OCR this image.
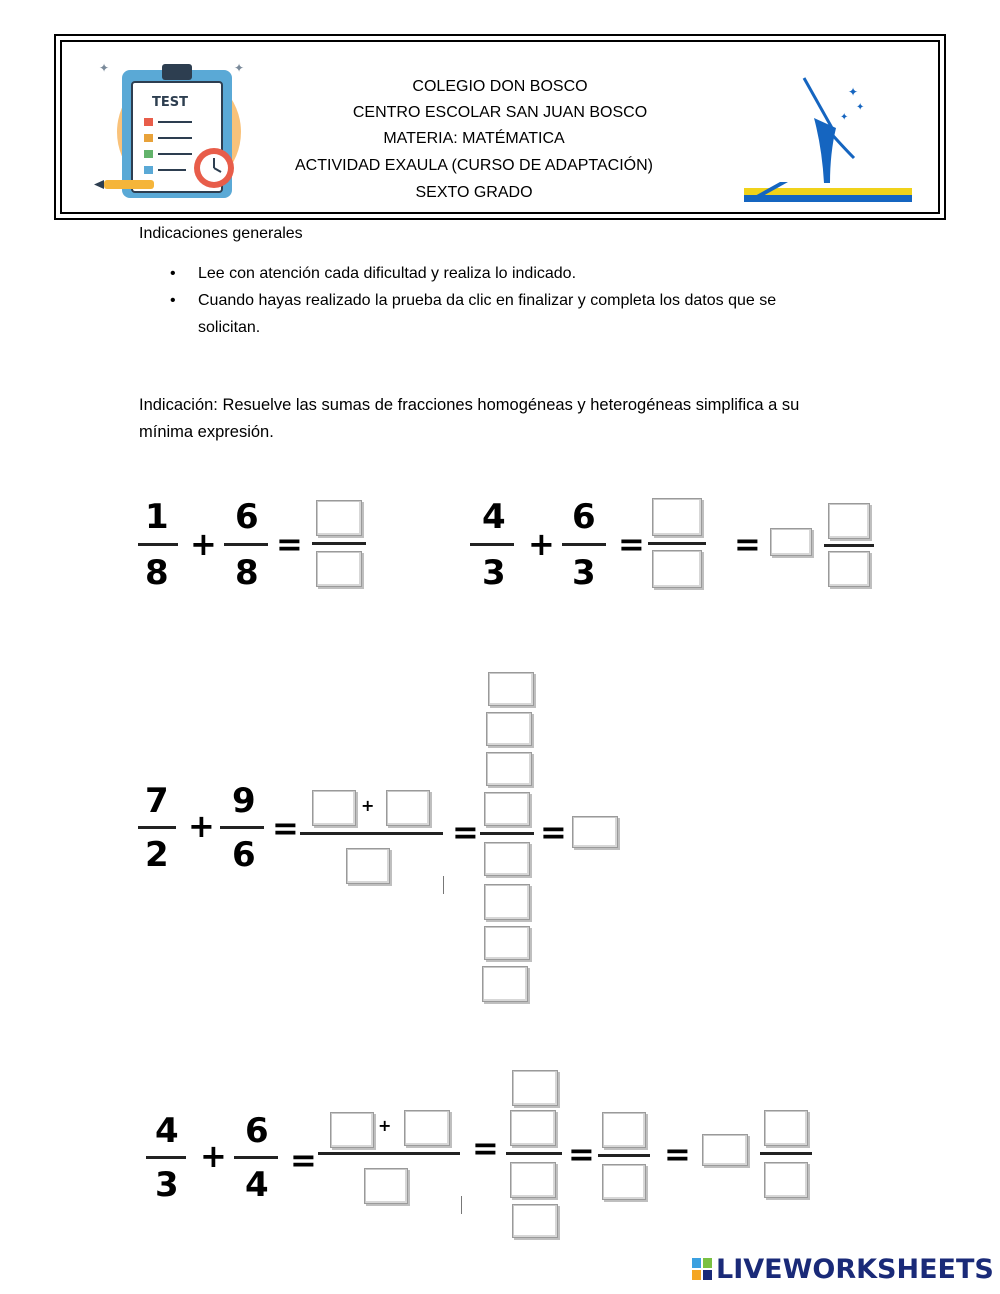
TEST
✦	✦
COLEGIO DON BOSCO
CENTRO ESCOLAR SAN JUAN BOSCO
MATERIA: MATÉMATICA
ACTIVIDAD EXAULA (CURSO DE ADAPTACIÓN)
SEXTO GRADO
✦
✦
✦
Indicaciones generales
• Lee con atención cada dificultad y realiza lo indicado.
• Cuando hayas realizado la prueba da clic en finalizar y completa los datos que se
solicitan.
Indicación: Resuelve las sumas de fracciones homogéneas y heterogéneas simplifica a su
mínima expresión.
1
8
+
6
8
=
4
3
+
6
3
=	=
7
2
+
9
6
=
+
= =
4
3
+
6
4
=
+
= = =
LIVEWORKSHEETS
